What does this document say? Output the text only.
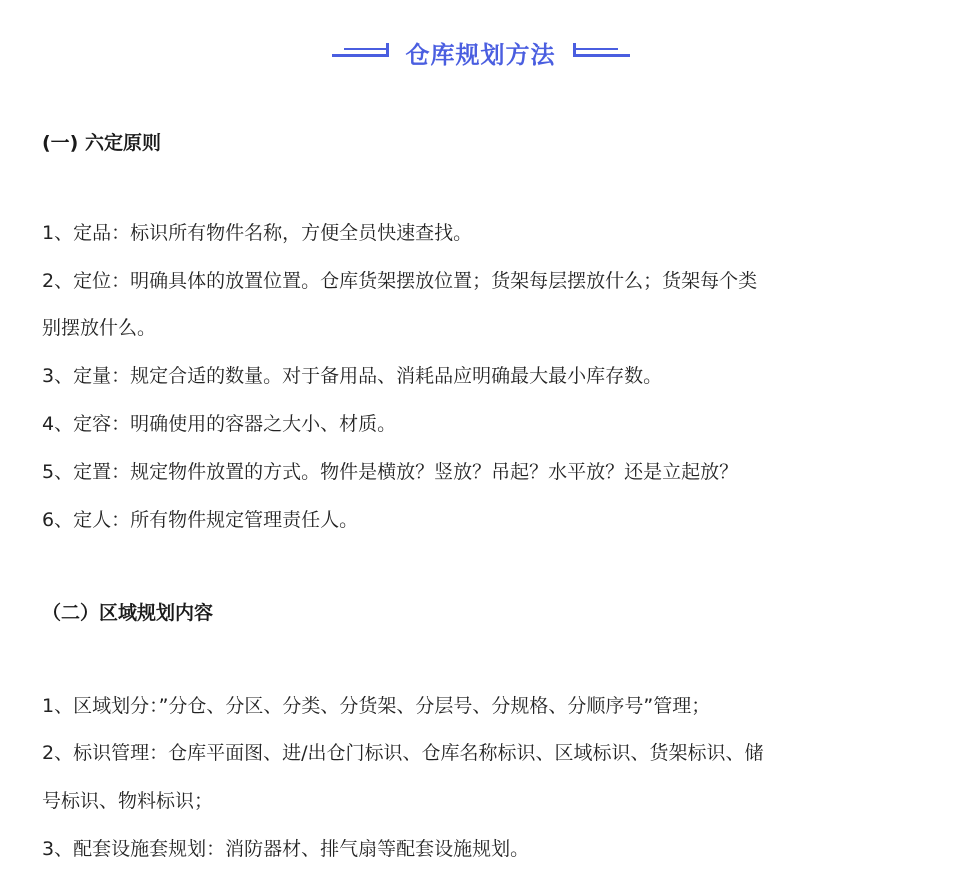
仓库规划方法
(一) 六定原则
1、定品：标识所有物件名称，方便全员快速查找。
2、定位：明确具体的放置位置。仓库货架摆放位置；货架每层摆放什么；货架每个类
别摆放什么。
3、定量：规定合适的数量。对于备用品、消耗品应明确最大最小库存数。
4、定容：明确使用的容器之大小、材质。
5、定置：规定物件放置的方式。物件是横放？竖放？吊起？水平放？还是立起放？
6、定人：所有物件规定管理责任人。
（二）区域规划内容
1、区域划分：”分仓、分区、分类、分货架、分层号、分规格、分顺序号”管理；
2、标识管理：仓库平面图、进/出仓门标识、仓库名称标识、区域标识、货架标识、储
号标识、物料标识；
3、配套设施套规划：消防器材、排气扇等配套设施规划。
